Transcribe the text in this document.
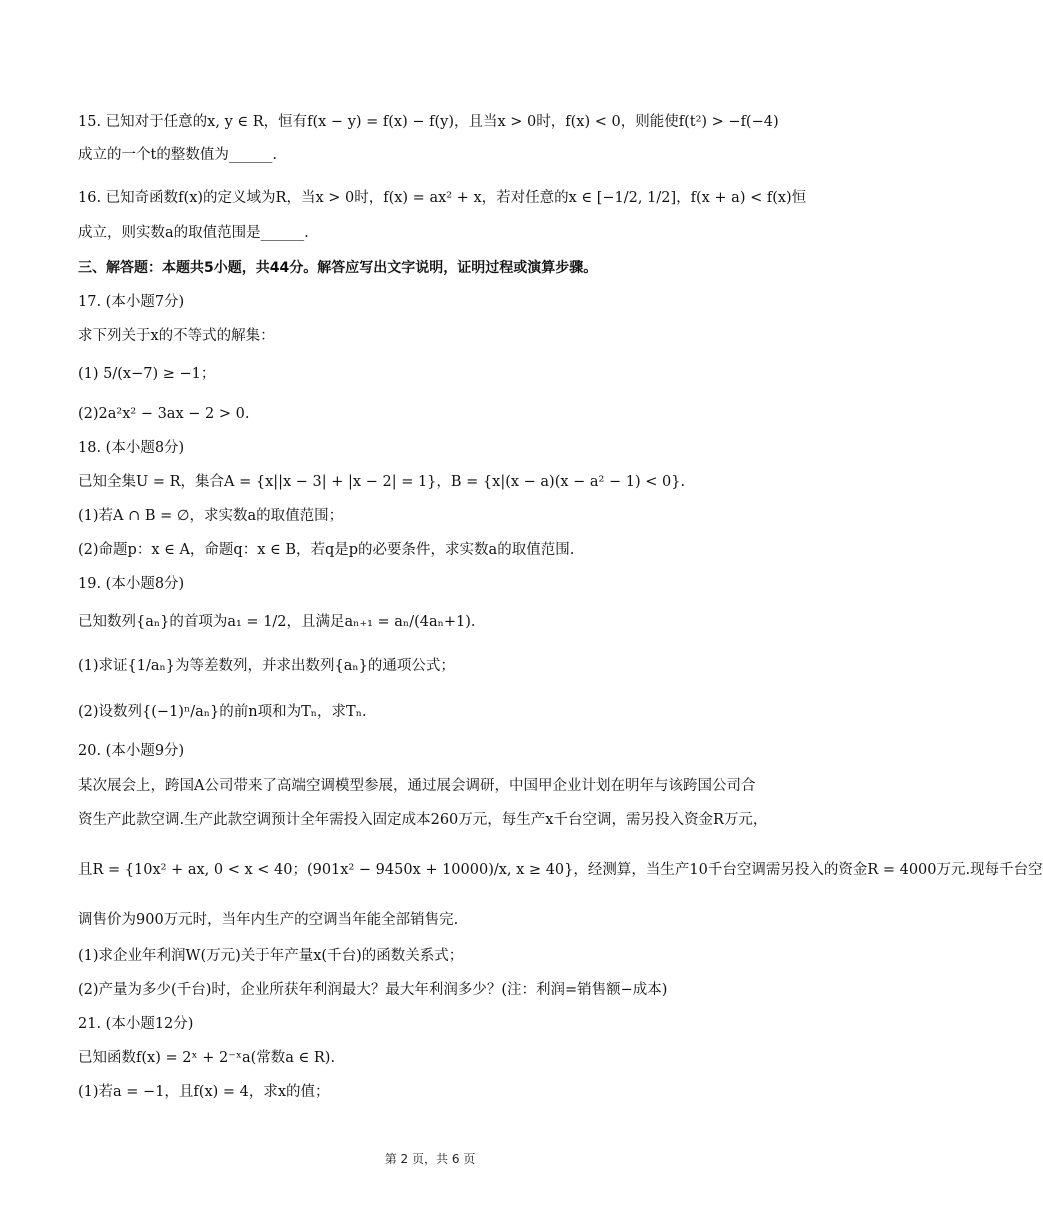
15. 已知对于任意的x, y ∈ R，恒有f(x − y) = f(x) − f(y)，且当x > 0时，f(x) < 0，则能使f(t²) > −f(−4)
成立的一个t的整数值为______.
16. 已知奇函数f(x)的定义域为R，当x > 0时，f(x) = ax² + x，若对任意的x ∈ [−1/2, 1/2]，f(x + a) < f(x)恒
成立，则实数a的取值范围是______.
三、解答题：本题共5小题，共44分。解答应写出文字说明，证明过程或演算步骤。
17. (本小题7分)
求下列关于x的不等式的解集：
(1) 5/(x−7) ≥ −1；
(2)2a²x² − 3ax − 2 > 0.
18. (本小题8分)
已知全集U = R，集合A = {x||x − 3| + |x − 2| = 1}，B = {x|(x − a)(x − a² − 1) < 0}.
(1)若A ∩ B = ∅，求实数a的取值范围；
(2)命题p：x ∈ A，命题q：x ∈ B，若q是p的必要条件，求实数a的取值范围.
19. (本小题8分)
已知数列{aₙ}的首项为a₁ = 1/2，且满足aₙ₊₁ = aₙ/(4aₙ+1).
(1)求证{1/aₙ}为等差数列，并求出数列{aₙ}的通项公式；
(2)设数列{(−1)ⁿ/aₙ}的前n项和为Tₙ，求Tₙ.
20. (本小题9分)
某次展会上，跨国A公司带来了高端空调模型参展，通过展会调研，中国甲企业计划在明年与该跨国公司合
资生产此款空调.生产此款空调预计全年需投入固定成本260万元，每生产x千台空调，需另投入资金R万元，
且R = {10x² + ax, 0 < x < 40；(901x² − 9450x + 10000)/x, x ≥ 40}，经测算，当生产10千台空调需另投入的资金R = 4000万元.现每千台空
调售价为900万元时，当年内生产的空调当年能全部销售完.
(1)求企业年利润W(万元)关于年产量x(千台)的函数关系式；
(2)产量为多少(千台)时，企业所获年利润最大？最大年利润多少？(注：利润=销售额−成本)
21. (本小题12分)
已知函数f(x) = 2ˣ + 2⁻ˣa(常数a ∈ R).
(1)若a = −1，且f(x) = 4，求x的值；
第 2 页，共 6 页
